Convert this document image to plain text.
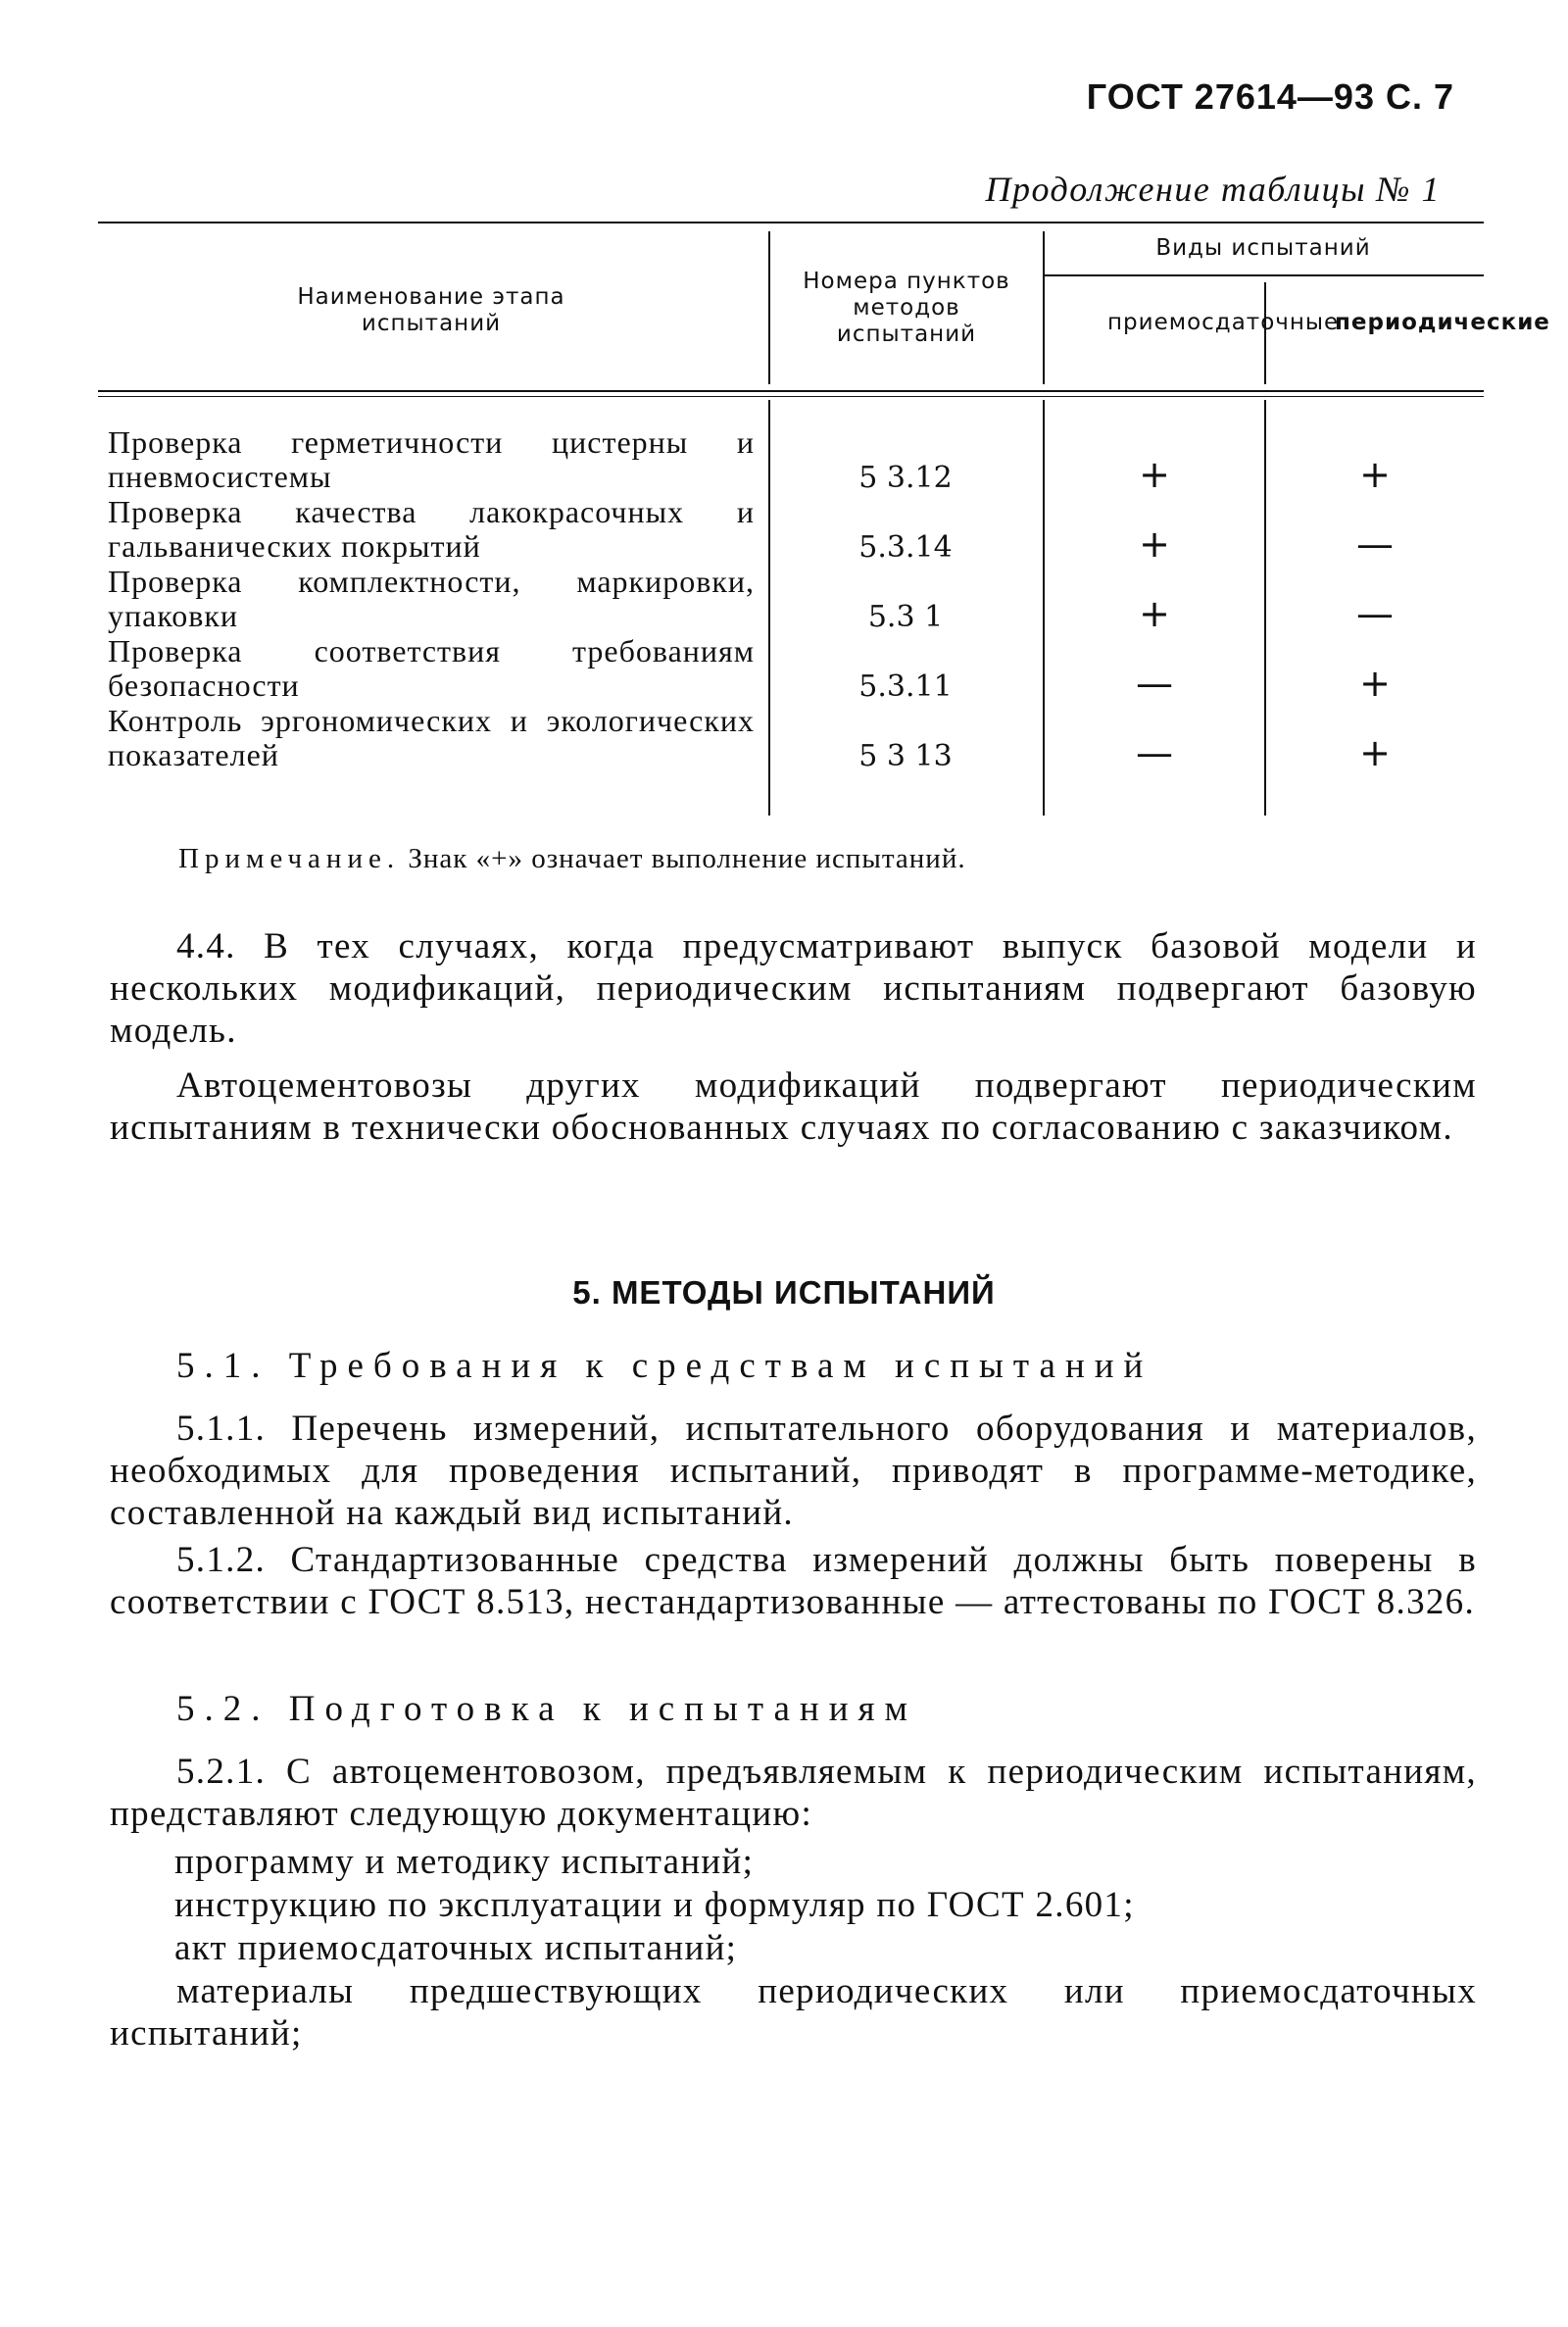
ГОСТ 27614—93 С. 7
Продолжение таблицы № 1
Наименование этапа испытаний
Номера пунктов методов испытаний
Виды испытаний
приемосдаточные
периодические
Проверка герметичности цистерны и пневмосистемы	5 3.12	+	+
Проверка качества лакокрасочных и гальванических покрытий	5.3.14	+	—
Проверка комплектности, маркировки, упаковки	5.3 1	+	—
Проверка соответствия требованиям безопасности	5.3.11	—	+
Контроль эргономических и экологических показателей	5 3 13	—	+
Примечание. Знак «+» означает выполнение испытаний.
4.4. В тех случаях, когда предусматривают выпуск базовой модели и нескольких модификаций, периодическим испытаниям подвергают базовую модель.
Автоцементовозы других модификаций подвергают периодическим испытаниям в технически обоснованных случаях по согласованию с заказчиком.
5. МЕТОДЫ ИСПЫТАНИЙ
5.1. Требования к средствам испытаний
5.1.1. Перечень измерений, испытательного оборудования и материалов, необходимых для проведения испытаний, приводят в программе-методике, составленной на каждый вид испытаний.
5.1.2. Стандартизованные средства измерений должны быть поверены в соответствии с ГОСТ 8.513, нестандартизованные — аттестованы по ГОСТ 8.326.
5.2. Подготовка к испытаниям
5.2.1. С автоцементовозом, предъявляемым к периодическим испытаниям, представляют следующую документацию:
программу и методику испытаний;
инструкцию по эксплуатации и формуляр по ГОСТ 2.601;
акт приемосдаточных испытаний;
материалы предшествующих периодических или приемосдаточных испытаний;
